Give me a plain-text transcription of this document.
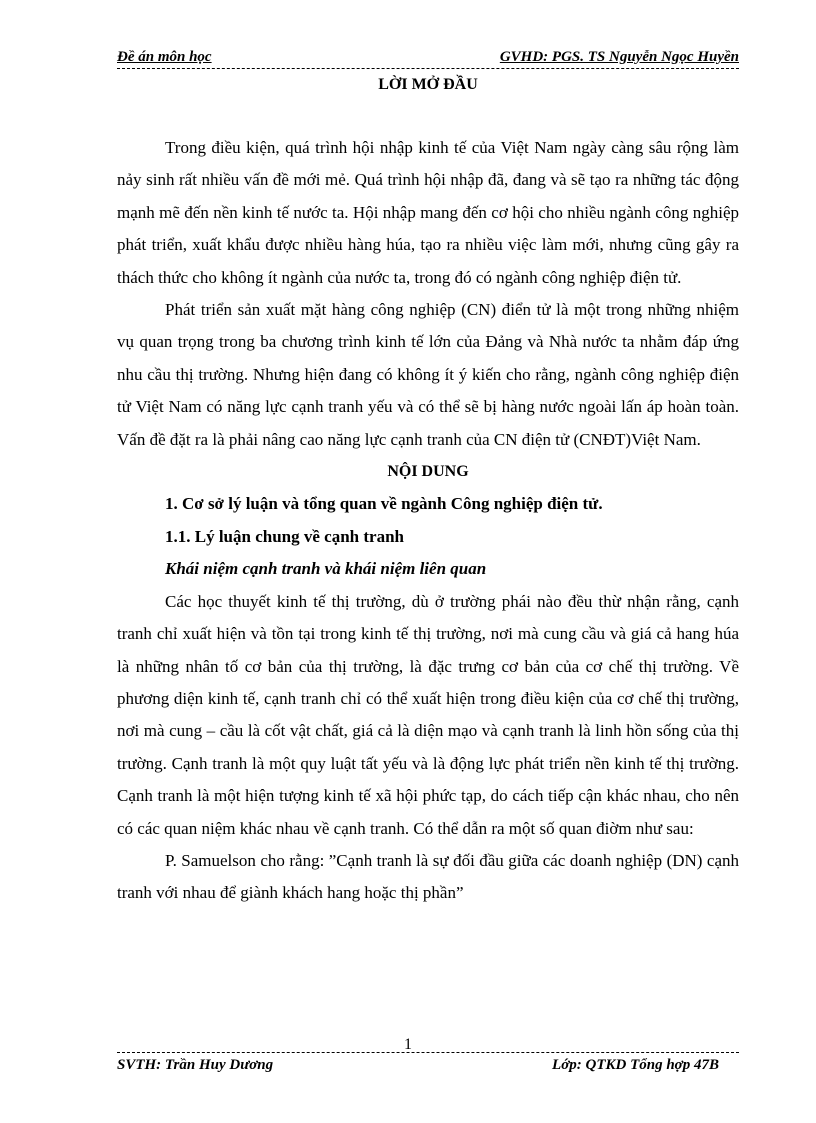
Đề án môn học	GVHD: PGS. TS Nguyễn Ngọc Huyền

LỜI MỞ ĐẦU

Trong điều kiện, quá trình hội nhập kinh tế của Việt Nam ngày càng sâu rộng làm nảy sinh rất nhiều vấn đề mới mẻ. Quá trình hội nhập đã, đang và sẽ tạo ra những tác động mạnh mẽ đến nền kinh tế nước ta. Hội nhập mang đến cơ hội cho nhiều ngành công nghiệp phát triển, xuất khẩu được nhiều hàng húa, tạo ra nhiều việc làm mới, nhưng cũng gây ra thách thức cho không ít ngành của nước ta, trong đó có ngành công nghiệp điện tử.

Phát triển sản xuất mặt hàng công nghiệp (CN) điển tử là một trong những nhiệm vụ quan trọng trong ba chương trình kinh tế lớn của Đảng và Nhà nước ta nhằm đáp ứng nhu cầu thị trường. Nhưng hiện đang có không ít ý kiến cho rằng, ngành công nghiệp điện tử Việt Nam có năng lực cạnh tranh yếu và có thể sẽ bị hàng nước ngoài lấn áp hoàn toàn. Vấn đề đặt ra là phải nâng cao năng lực cạnh tranh của CN điện tử (CNĐT)Việt Nam.

NỘI DUNG

1. Cơ sở lý luận và tổng quan về ngành Công nghiệp điện tử.

1.1. Lý luận chung về cạnh tranh

Khái niệm cạnh tranh và khái niệm liên quan

Các học thuyết kinh tế thị trường, dù ở trường phái nào đều thừ nhận rằng, cạnh tranh chỉ xuất hiện và tồn tại trong kinh tế thị trường, nơi mà cung cầu và giá cả hang húa là những nhân tố cơ bản của thị trường, là đặc trưng cơ bản của cơ chế thị trường. Về phương diện kinh tế, cạnh tranh chỉ có thể xuất hiện trong điều kiện của cơ chế thị trường, nơi mà cung – cầu là cốt vật chất, giá cả là diện mạo và cạnh tranh là linh hồn sống của thị trường. Cạnh tranh là một quy luật tất yếu và là động lực phát triển nền kinh tế thị trường. Cạnh tranh là một hiện tượng kinh tế xã hội phức tạp, do cách tiếp cận khác nhau, cho nên có các quan niệm khác nhau về cạnh tranh. Có thể dẫn ra một số quan điờm như sau:

P. Samuelson cho rằng: ”Cạnh tranh là sự đối đầu giữa các doanh nghiệp (DN) cạnh tranh với nhau để giành khách hang hoặc thị phần”

1
SVTH: Trần Huy Dương	Lớp: QTKD Tổng hợp 47B
